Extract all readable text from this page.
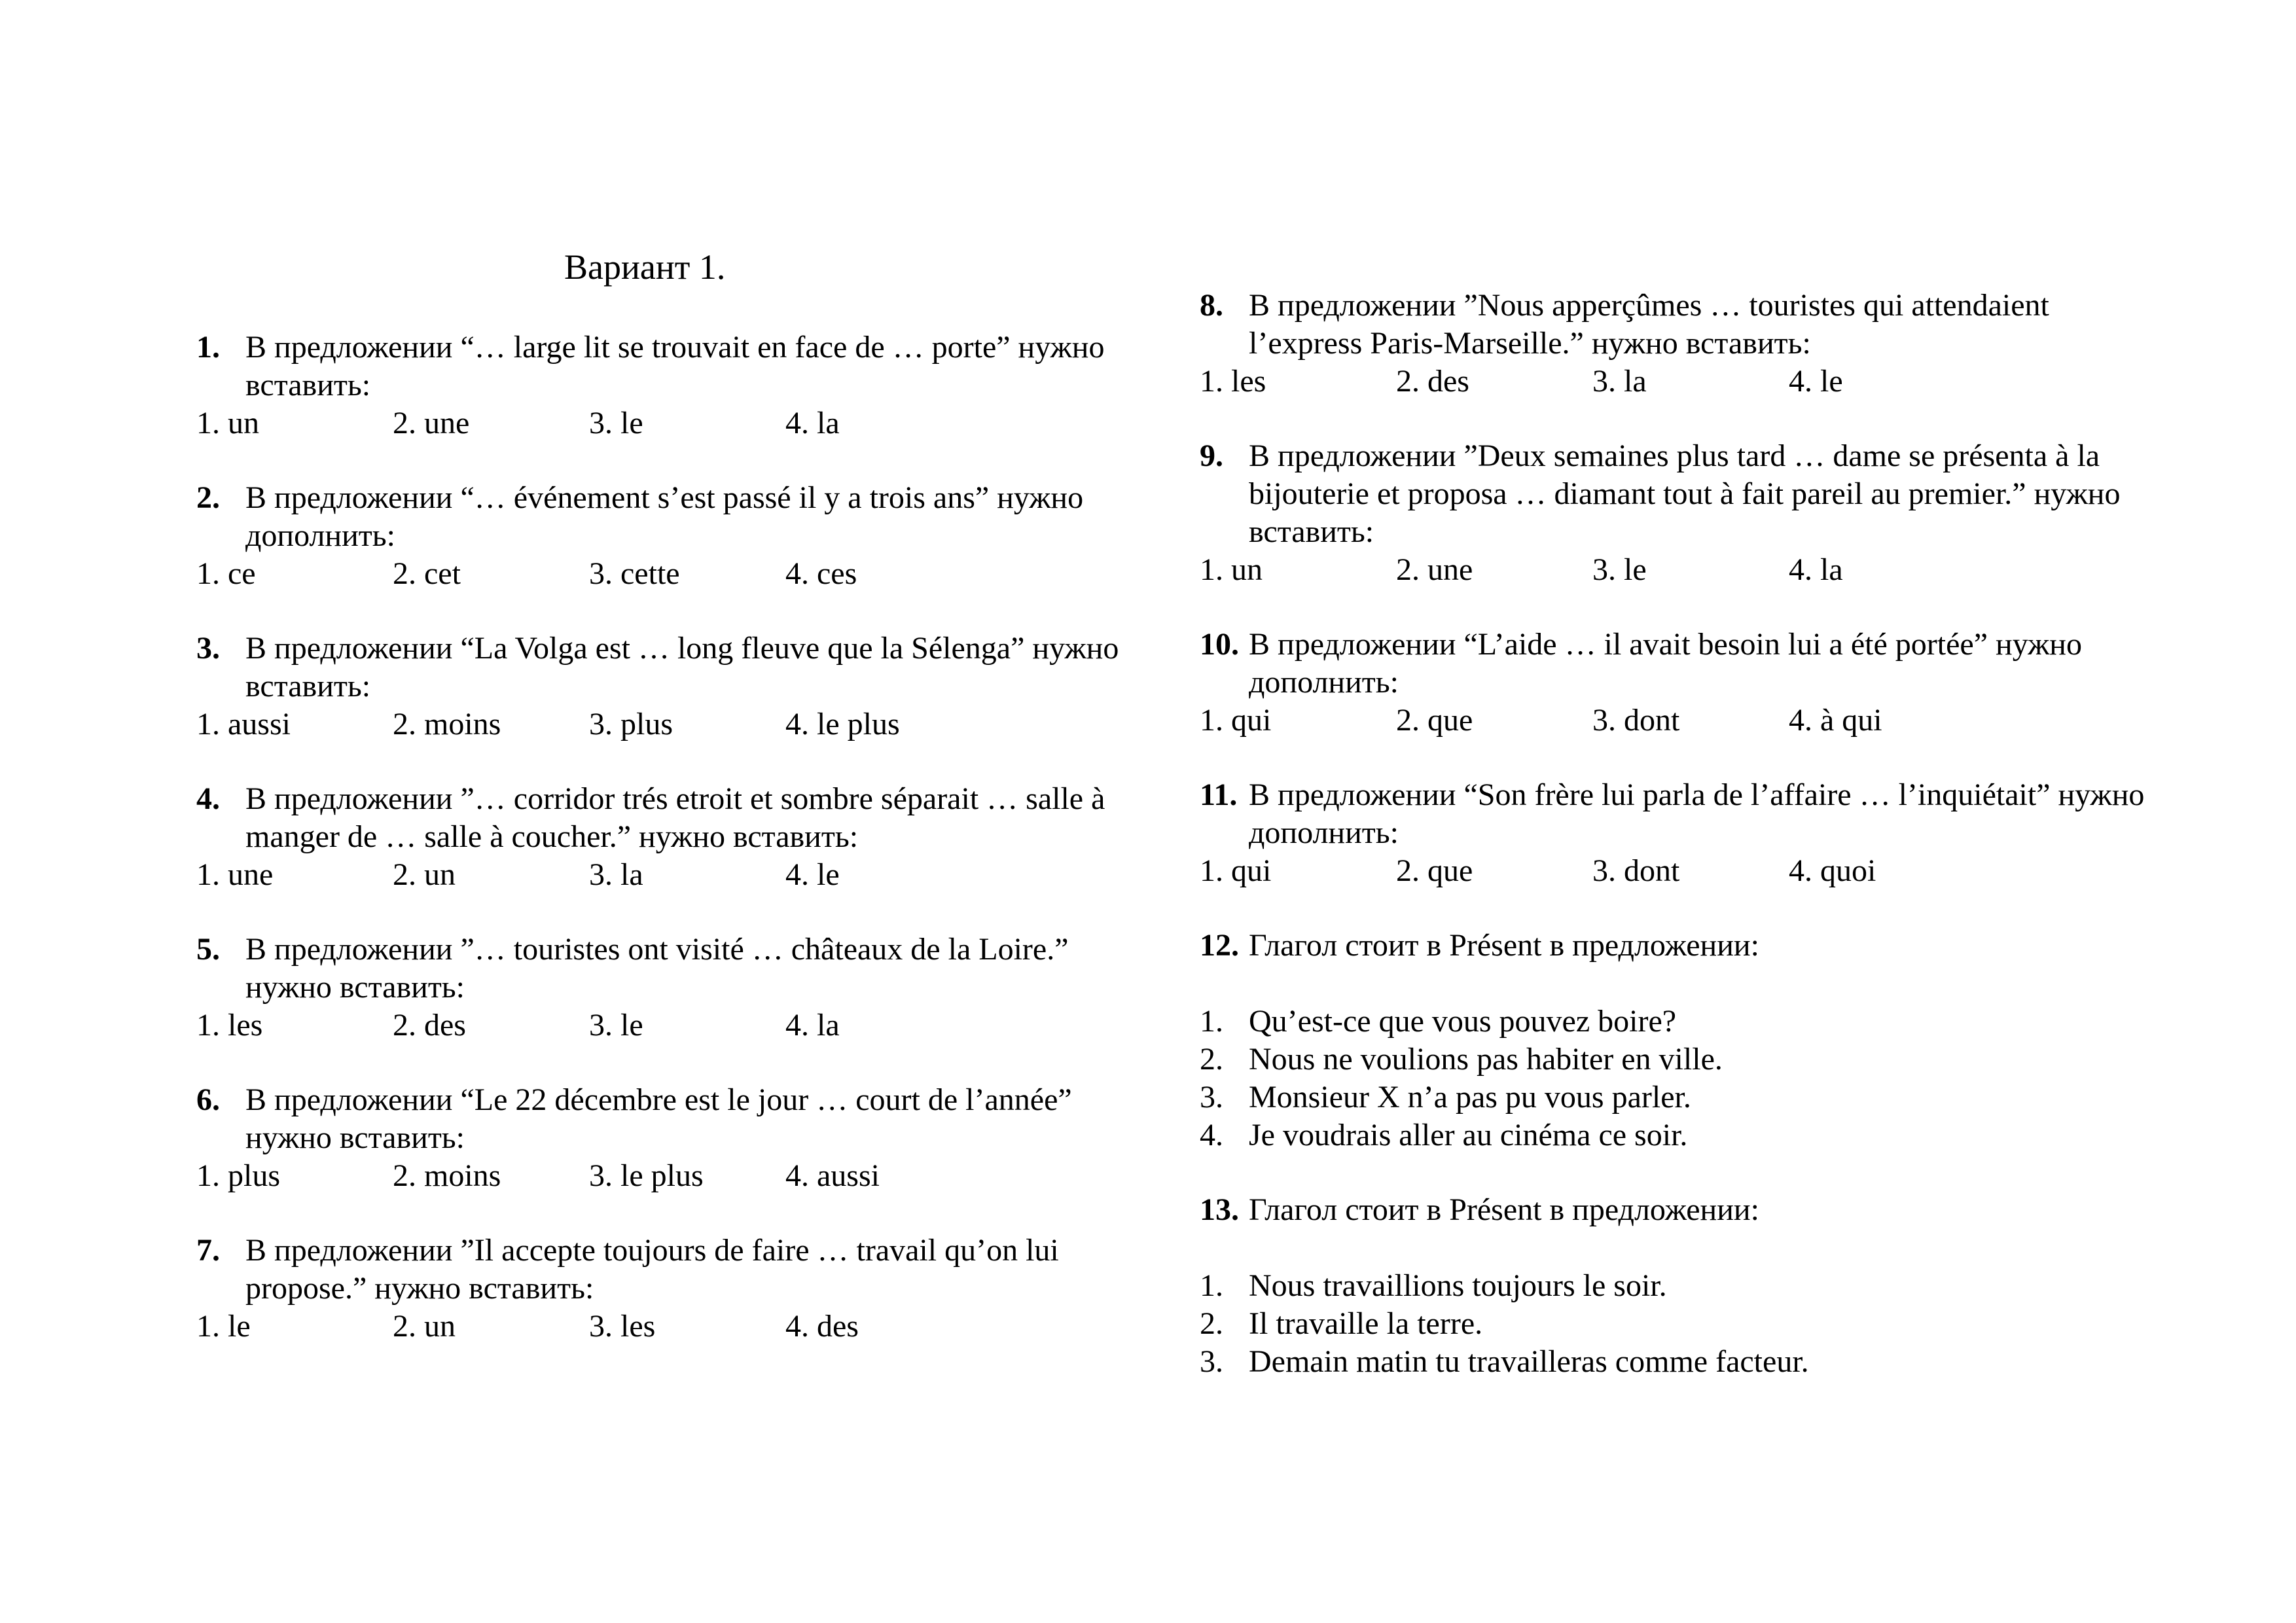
Вариант 1.
1. В предложении “… large lit se trouvait en face de … porte” нужно вставить:
1. un	2. une	3. le	4. la
2. В предложении “… événement s’est passé il y a trois ans” нужно дополнить:
1. ce	2. cet	3. cette	4. ces
3. В предложении “La Volga est … long fleuve que la Sélenga” нужно вставить:
1. aussi	2. moins	3. plus	4. le plus
4. В предложении ”… corridor trés etroit et sombre séparait … salle à manger de … salle à coucher.” нужно вставить:
1. une	2. un	3. la	4. le
5. В предложении ”… touristes ont visité … châteaux de la Loire.” нужно вставить:
1. les	2. des	3. le	4. la
6. В предложении “Le 22 décembre est le jour … court de l’année” нужно вставить:
1. plus	2. moins	3. le plus	4. aussi
7. В предложении ”Il accepte toujours de faire … travail qu’on lui propose.” нужно вставить:
1. le	2. un	3. les	4. des
8. В предложении ”Nous apperçûmes … touristes qui attendaient l’express Paris-Marseille.” нужно вставить:
1. les	2. des	3. la	4. le
9. В предложении ”Deux semaines plus tard … dame se présenta à la bijouterie et proposa … diamant tout à fait pareil au premier.” нужно вставить:
1. un	2. une	3. le	4. la
10. В предложении “L’aide … il avait besoin lui a été portée” нужно дополнить:
1. qui	2. que	3. dont	4. à qui
11. В предложении “Son frère lui parla de l’affaire … l’inquiétait” нужно дополнить:
1. qui	2. que	3. dont	4. quoi
12. Глагол стоит в Présent в предложении:
1. Qu’est-ce que vous pouvez boire?
2. Nous ne voulions pas habiter en ville.
3. Monsieur X n’a pas pu vous parler.
4. Je voudrais aller au cinéma ce soir.
13. Глагол стоит в Présent в предложении:
1. Nous travaillions toujours le soir.
2. Il travaille la terre.
3. Demain matin tu travailleras comme facteur.
